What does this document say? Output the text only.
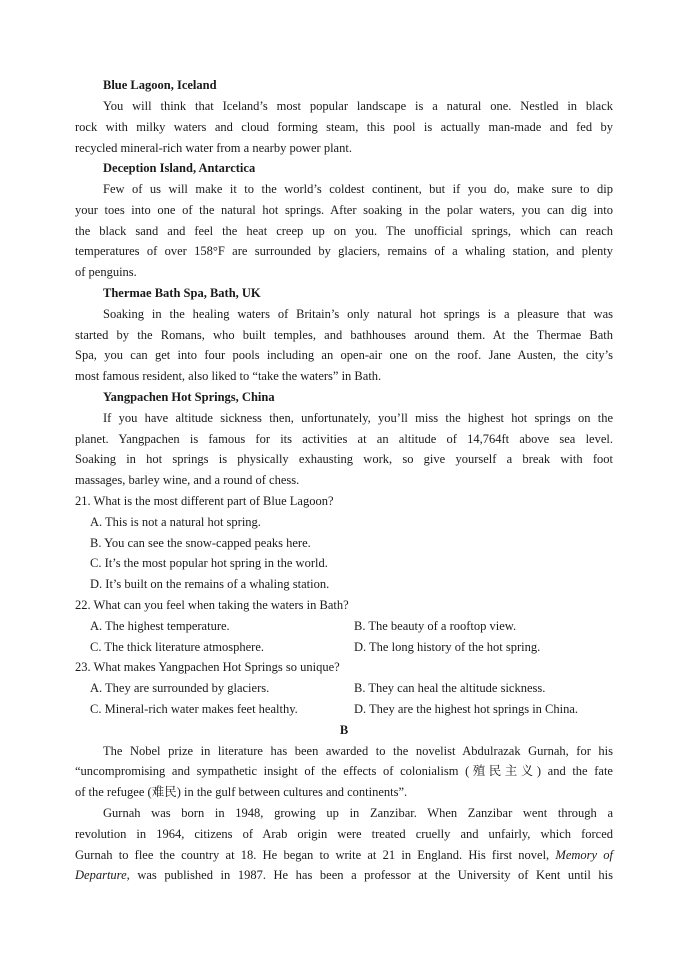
Blue Lagoon, Iceland
You will think that Iceland’s most popular landscape is a natural one. Nestled in black
rock with milky waters and cloud forming steam, this pool is actually man-made and fed by
recycled mineral-rich water from a nearby power plant.
Deception Island, Antarctica
Few of us will make it to the world’s coldest continent, but if you do, make sure to dip
your toes into one of the natural hot springs. After soaking in the polar waters, you can dig into
the black sand and feel the heat creep up on you. The unofficial springs, which can reach
temperatures of over 158°F are surrounded by glaciers, remains of a whaling station, and plenty
of penguins.
Thermae Bath Spa, Bath, UK
Soaking in the healing waters of Britain’s only natural hot springs is a pleasure that was
started by the Romans, who built temples, and bathhouses around them. At the Thermae Bath
Spa, you can get into four pools including an open-air one on the roof. Jane Austen, the city’s
most famous resident, also liked to “take the waters” in Bath.
Yangpachen Hot Springs, China
If you have altitude sickness then, unfortunately, you’ll miss the highest hot springs on the
planet. Yangpachen is famous for its activities at an altitude of 14,764ft above sea level.
Soaking in hot springs is physically exhausting work, so give yourself a break with foot
massages, barley wine, and a round of chess.
21. What is the most different part of Blue Lagoon?
A. This is not a natural hot spring.
B. You can see the snow-capped peaks here.
C. It’s the most popular hot spring in the world.
D. It’s built on the remains of a whaling station.
22. What can you feel when taking the waters in Bath?
A. The highest temperature.	B. The beauty of a rooftop view.
C. The thick literature atmosphere.	D. The long history of the hot spring.
23. What makes Yangpachen Hot Springs so unique?
A. They are surrounded by glaciers.	B. They can heal the altitude sickness.
C. Mineral-rich water makes feet healthy.	D. They are the highest hot springs in China.
B
The Nobel prize in literature has been awarded to the novelist Abdulrazak Gurnah, for his
“uncompromising and sympathetic insight of the effects of colonialism (殖民主义) and the fate
of the refugee (难民) in the gulf between cultures and continents”.
Gurnah was born in 1948, growing up in Zanzibar. When Zanzibar went through a
revolution in 1964, citizens of Arab origin were treated cruelly and unfairly, which forced
Gurnah to flee the country at 18. He began to write at 21 in England. His first novel, Memory of
Departure, was published in 1987. He has been a professor at the University of Kent until his
